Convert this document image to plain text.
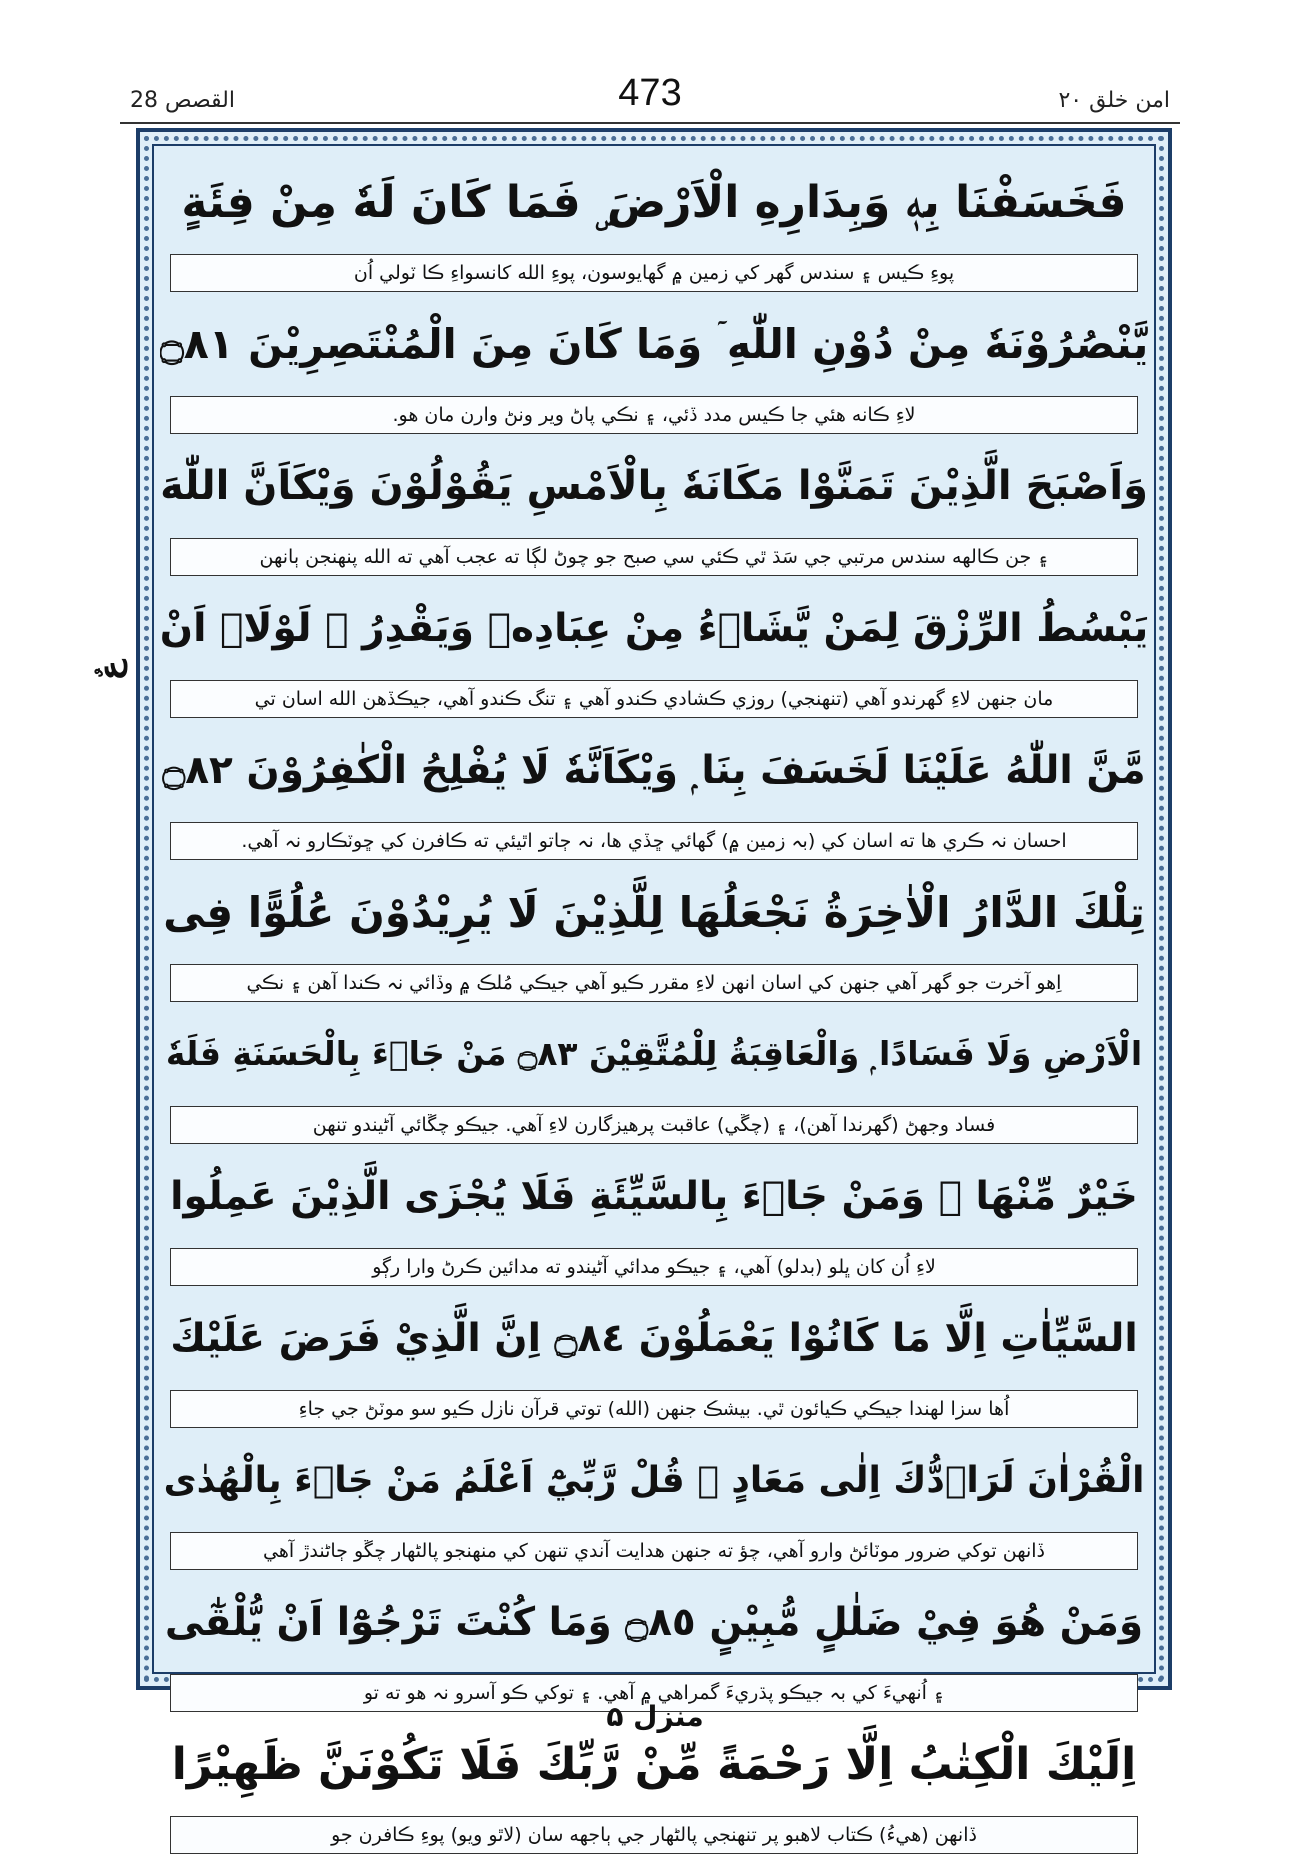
القصص 28	473	امن خلق ۲۰
عٌ
فَخَسَفْنَا بِهٖ وَبِدَارِهِ الْاَرْضَ ۣ فَمَا كَانَ لَهٗ مِنْ فِئَةٍ
پوءِ ڪيس ۽ سندس گهر کي زمين ۾ گهايوسون، پوءِ الله کانسواءِ ڪا ٽولي اُن
يَّنْصُرُوْنَهٗ مِنْ دُوْنِ اللّٰهِ ۤ وَمَا كَانَ مِنَ الْمُنْتَصِرِيْنَ ۝٨١
لاءِ ڪانه هئي جا ڪيس مدد ڏئي، ۽ نڪي پاڻ وير ونڻ وارن مان هو.
وَاَصْبَحَ الَّذِيْنَ تَمَنَّوْا مَكَانَهٗ بِالْاَمْسِ يَقُوْلُوْنَ وَيْكَاَنَّ اللّٰهَ
۽ جن ڪالهه سندس مرتبي جي سَڌ ٿي ڪئي سي صبح جو چوڻ لڳا ته عجب آهي ته الله پنهنجن ٻانهن
يَبْسُطُ الرِّزْقَ لِمَنْ يَّشَاۤءُ مِنْ عِبَادِهٖ وَيَقْدِرُ ۚ لَوْلَاۤ اَنْ
مان جنهن لاءِ گهرندو آهي (تنهنجي) روزي ڪشادي ڪندو آهي ۽ تنگ ڪندو آهي، جيڪڏهن الله اسان تي
مَّنَّ اللّٰهُ عَلَيْنَا لَخَسَفَ بِنَا ۭ وَيْكَاَنَّهٗ لَا يُفْلِحُ الْكٰفِرُوْنَ ۝٨٢
احسان نہ ڪري ها ته اسان کي (بہ زمين ۾) گهائي ڇڏي ها، نہ ڄاتو اٿيئي ته ڪافرن کي ڇوٽڪارو نہ آهي.
تِلْكَ الدَّارُ الْاٰخِرَةُ نَجْعَلُهَا لِلَّذِيْنَ لَا يُرِيْدُوْنَ عُلُوًّا فِى
اِهو آخرت جو گهر آهي جنهن کي اسان انهن لاءِ مقرر ڪيو آهي جيڪي مُلڪ ۾ وڏائي نہ ڪندا آهن ۽ نڪي
الْاَرْضِ وَلَا فَسَادًا ۭ وَالْعَاقِبَةُ لِلْمُتَّقِيْنَ ۝٨٣ مَنْ جَاۤءَ بِالْحَسَنَةِ فَلَهٗ
فساد وجهڻ (گهرندا آهن)، ۽ (چڱي) عاقبت پرهيزگارن لاءِ آهي. جيڪو چڱائي آڻيندو تنهن
خَيْرٌ مِّنْهَا ۚ وَمَنْ جَاۤءَ بِالسَّيِّئَةِ فَلَا يُجْزَى الَّذِيْنَ عَمِلُوا
لاءِ اُن کان ڀلو (بدلو) آهي، ۽ جيڪو مدائي آڻيندو ته مدائين ڪرڻ وارا رڳو
السَّيِّاٰتِ اِلَّا مَا كَانُوْا يَعْمَلُوْنَ ۝٨٤ اِنَّ الَّذِيْ فَرَضَ عَلَيْكَ
اُها سزا لهندا جيڪي ڪيائون ٿي. بيشڪ جنهن (الله) توتي قرآن نازل ڪيو سو موٽڻ جي جاءِ
الْقُرْاٰنَ لَرَاۤدُّكَ اِلٰى مَعَادٍ ۭ قُلْ رَّبِّيْٓ اَعْلَمُ مَنْ جَاۤءَ بِالْهُدٰى
ڏانهن توکي ضرور موٽائڻ وارو آهي، چؤ ته جنهن هدايت آندي تنهن کي منهنجو پالڻهار چڱو ڄاڻندڙ آهي
وَمَنْ هُوَ فِيْ ضَلٰلٍ مُّبِيْنٍ ۝٨٥ وَمَا كُنْتَ تَرْجُوْٓا اَنْ يُّلْقٰٓى
۽ اُنهيءَ کي بہ جيڪو پڌريءَ گمراهي ۾ آهي. ۽ توکي ڪو آسرو نہ هو ته تو
اِلَيْكَ الْكِتٰبُ اِلَّا رَحْمَةً مِّنْ رَّبِّكَ فَلَا تَكُوْنَنَّ ظَهِيْرًا
ڏانهن (هيءُ) ڪتاب لاهبو پر تنهنجي پالڻهار جي ٻاجهه سان (لاٿو ويو) پوءِ ڪافرن جو
منزل ۵
